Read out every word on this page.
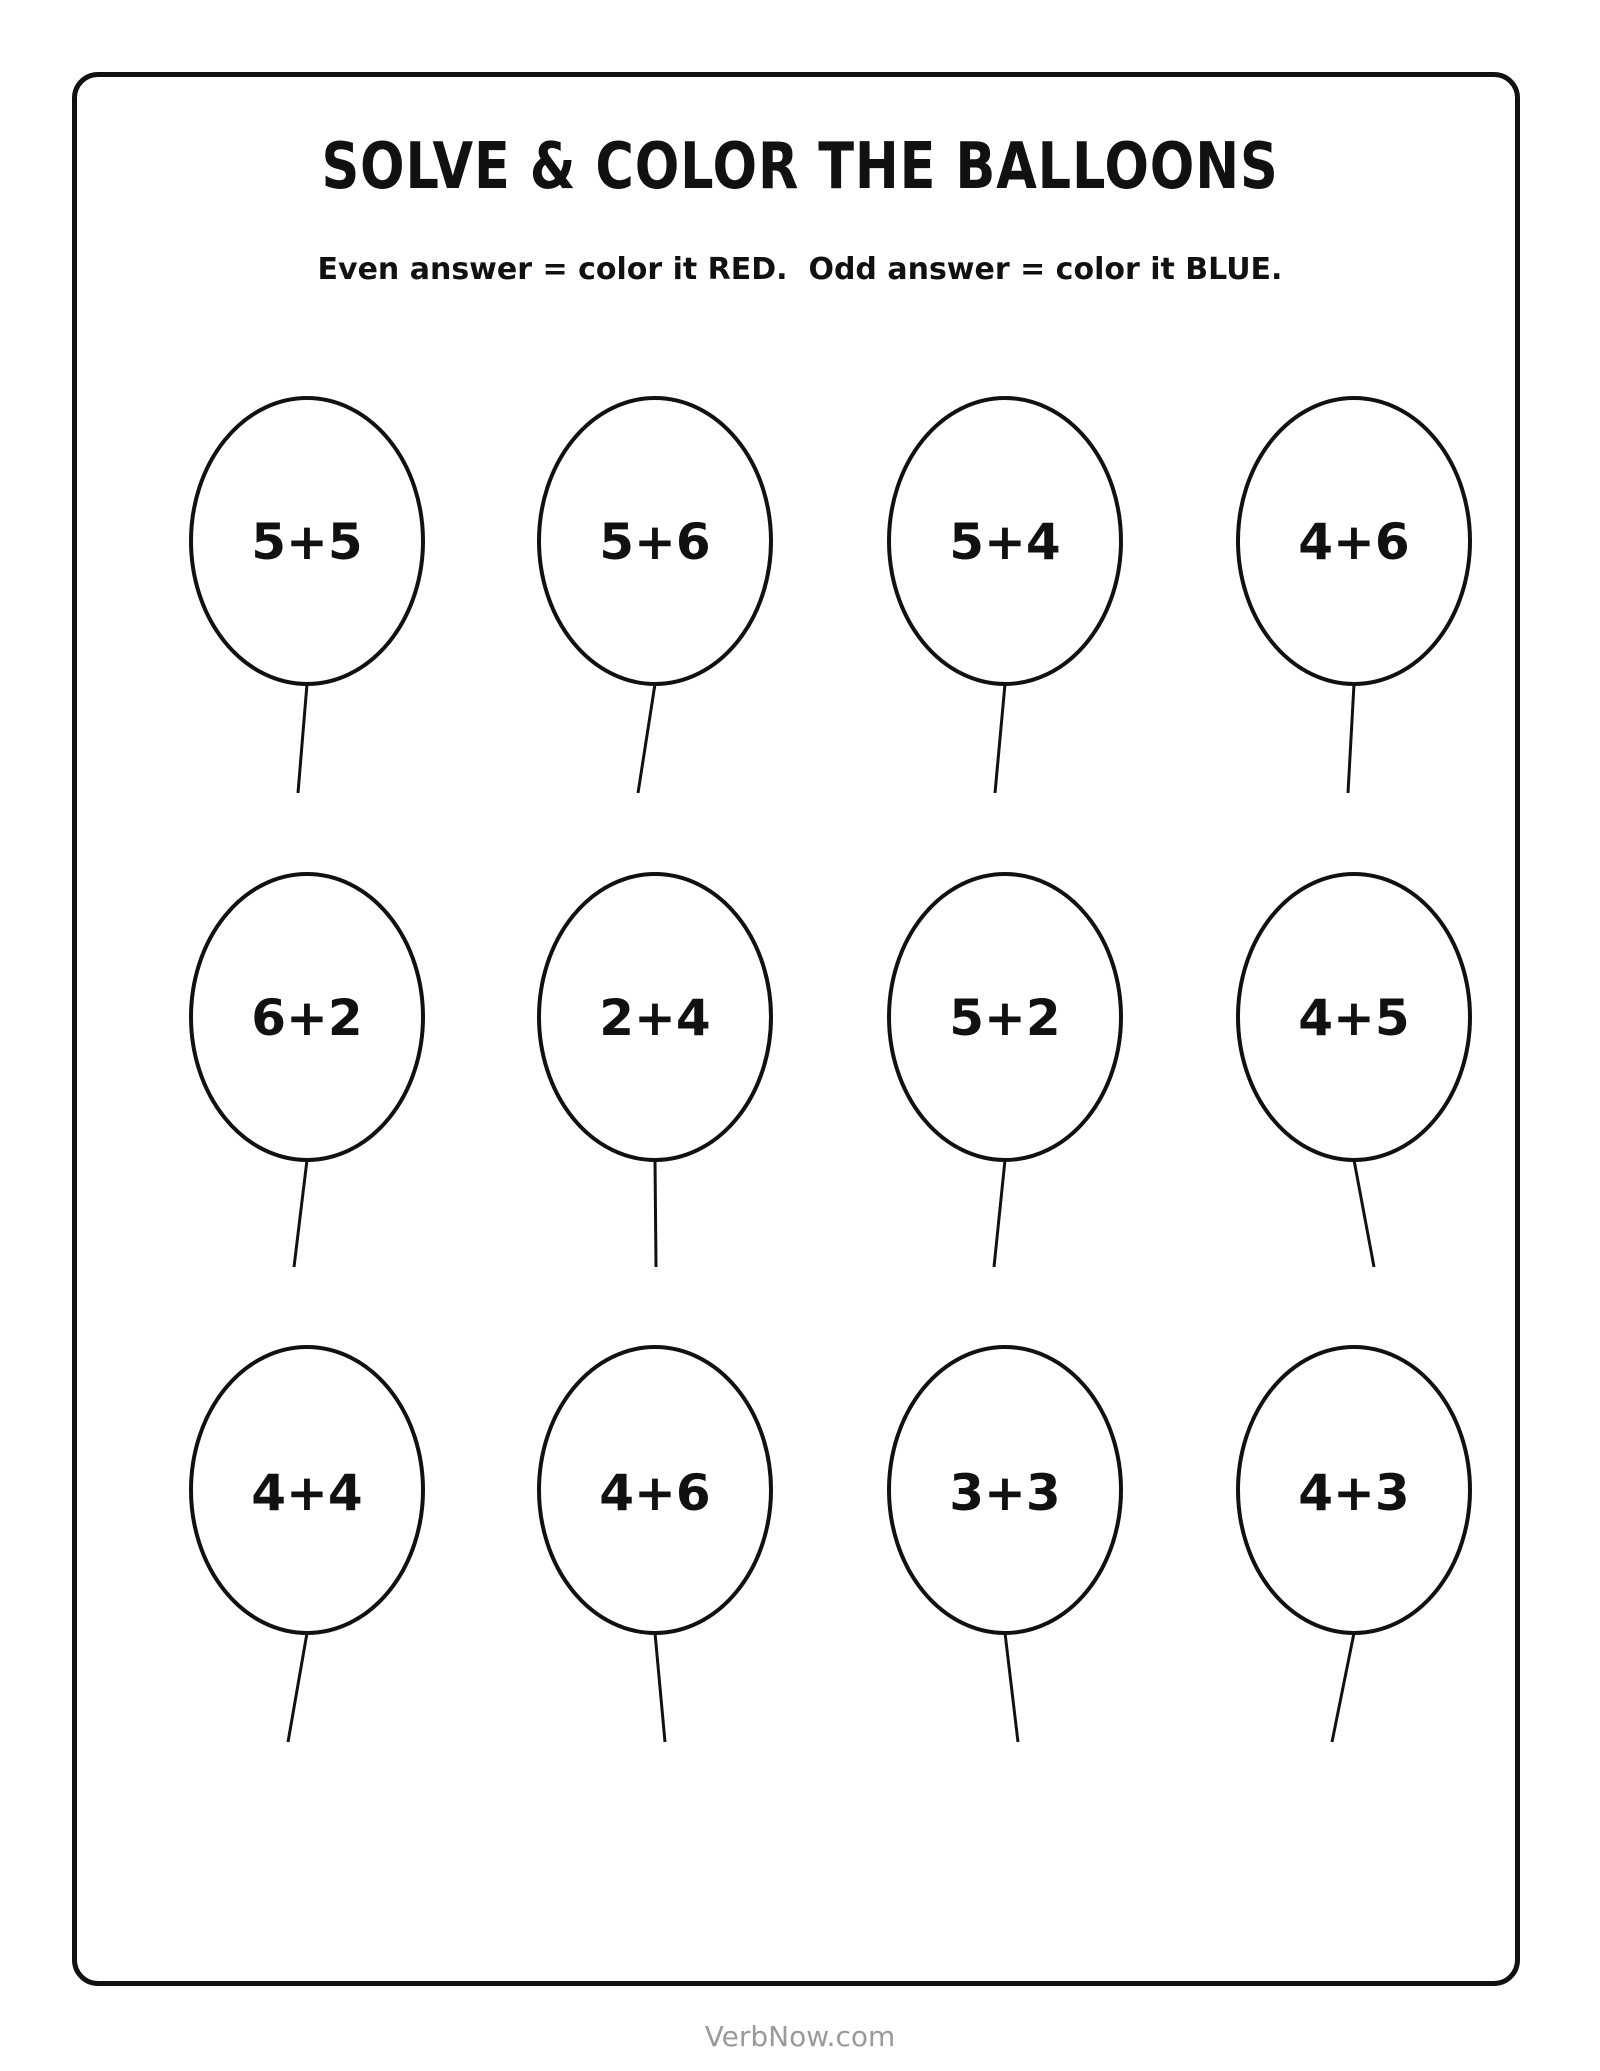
SOLVE & COLOR THE BALLOONS
Even answer = color it RED.  Odd answer = color it BLUE.
5+5	5+6	5+4	4+6
6+2	2+4	5+2	4+5
4+4	4+6	3+3	4+3
VerbNow.com
